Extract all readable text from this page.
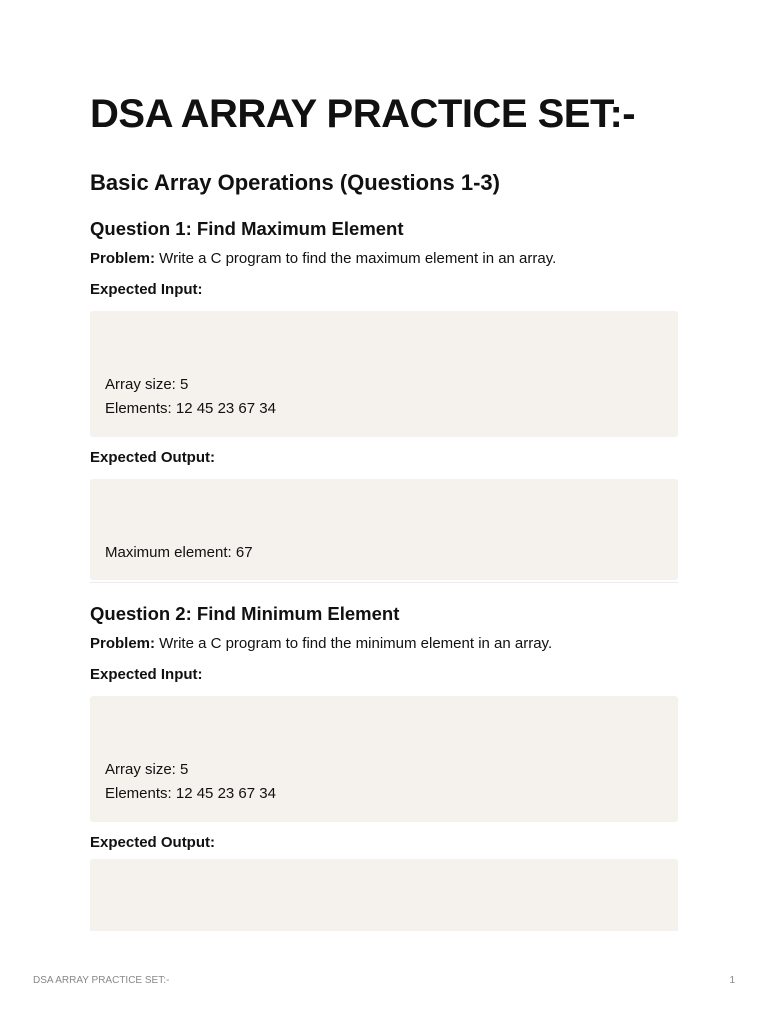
DSA ARRAY PRACTICE SET:-
Basic Array Operations (Questions 1-3)
Question 1: Find Maximum Element
Problem: Write a C program to find the maximum element in an array.
Expected Input:
Array size: 5
Elements: 12 45 23 67 34
Expected Output:
Maximum element: 67
Question 2: Find Minimum Element
Problem: Write a C program to find the minimum element in an array.
Expected Input:
Array size: 5
Elements: 12 45 23 67 34
Expected Output:
DSA ARRAY PRACTICE SET:-	1
